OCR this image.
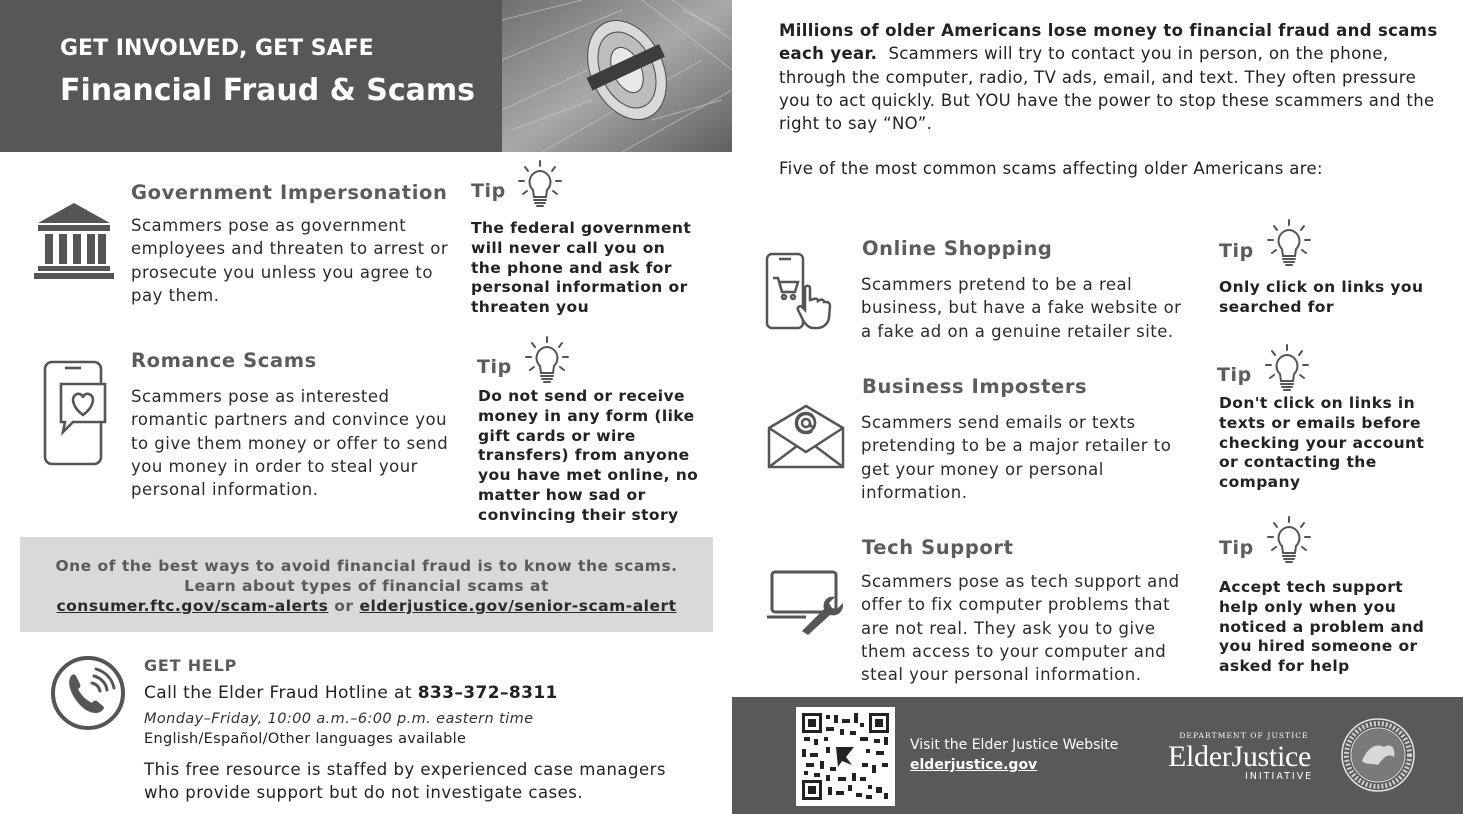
GET INVOLVED, GET SAFE
Financial Fraud & Scams
Government Impersonation
Scammers pose as government employees and threaten to arrest or prosecute you unless you agree to pay them.
Tip
The federal government will never call you on the phone and ask for personal information or threaten you
Romance Scams
Scammers pose as interested romantic partners and convince you to give them money or offer to send you money in order to steal your personal information.
Tip
Do not send or receive money in any form (like gift cards or wire transfers) from anyone you have met online, no matter how sad or convincing their story
One of the best ways to avoid financial fraud is to know the scams.
Learn about types of financial scams at
consumer.ftc.gov/scam-alerts or elderjustice.gov/senior-scam-alert
GET HELP
Call the Elder Fraud Hotline at 833–372–8311
Monday–Friday, 10:00 a.m.–6:00 p.m. eastern time
English/Español/Other languages available
This free resource is staffed by experienced case managers who provide support but do not investigate cases.
Millions of older Americans lose money to financial fraud and scams each year. Scammers will try to contact you in person, on the phone, through the computer, radio, TV ads, email, and text. They often pressure you to act quickly. But YOU have the power to stop these scammers and the right to say “NO”.
Five of the most common scams affecting older Americans are:
Online Shopping
Scammers pretend to be a real business, but have a fake website or a fake ad on a genuine retailer site.
Tip
Only click on links you searched for
Business Imposters
Scammers send emails or texts pretending to be a major retailer to get your money or personal information.
Tip
Don't click on links in texts or emails before checking your account or contacting the company
Tech Support
Scammers pose as tech support and offer to fix computer problems that are not real. They ask you to give them access to your computer and steal your personal information.
Tip
Accept tech support help only when you noticed a problem and you hired someone or asked for help
Visit the Elder Justice Website
elderjustice.gov
DEPARTMENT OF JUSTICE
ElderJustice
INITIATIVE
